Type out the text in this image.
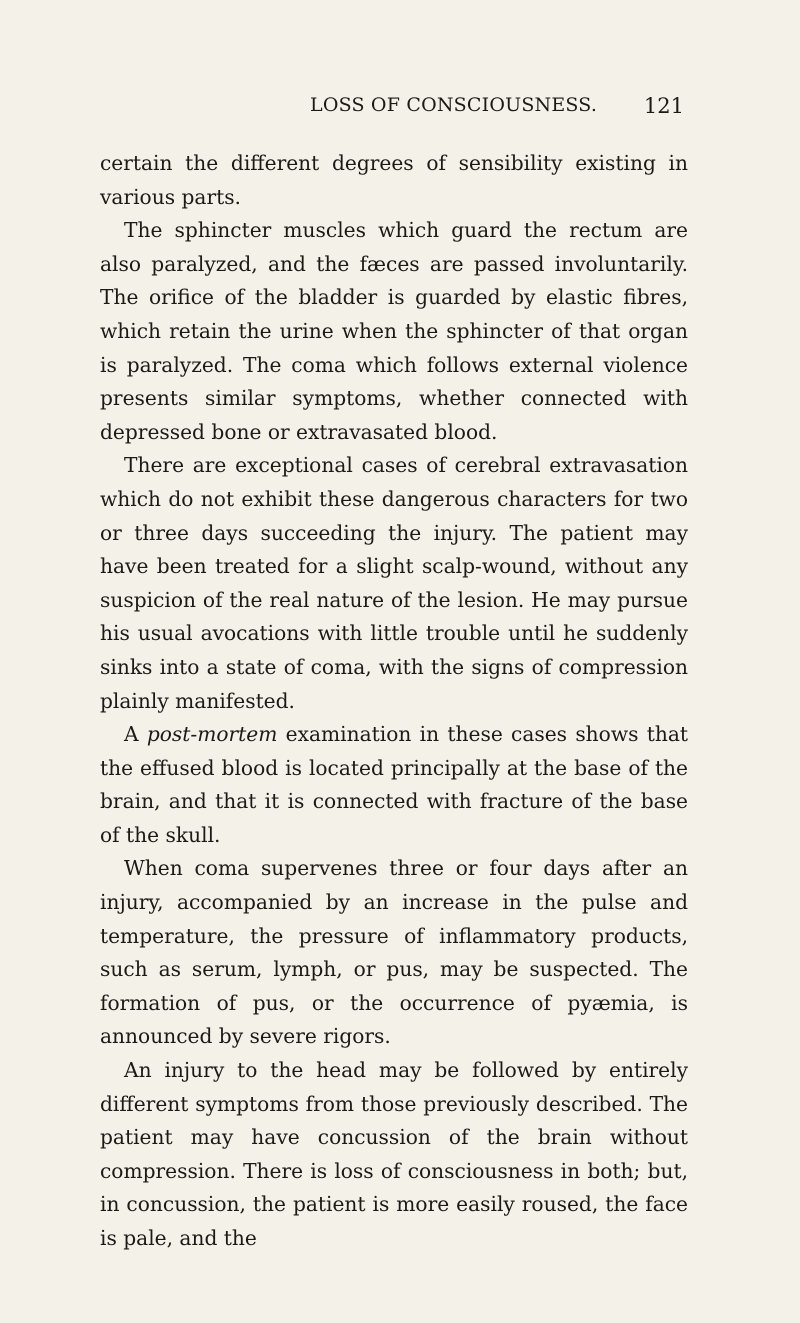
LOSS OF CONSCIOUSNESS. 121

certain the different degrees of sensibility existing in various parts.

The sphincter muscles which guard the rectum are also paralyzed, and the fæces are passed involuntarily. The orifice of the bladder is guarded by elastic fibres, which retain the urine when the sphincter of that organ is paralyzed. The coma which follows external violence presents similar symptoms, whether connected with depressed bone or extravasated blood.

There are exceptional cases of cerebral extravasation which do not exhibit these dangerous characters for two or three days succeeding the injury. The patient may have been treated for a slight scalp-wound, without any suspicion of the real nature of the lesion. He may pursue his usual avocations with little trouble until he suddenly sinks into a state of coma, with the signs of compression plainly manifested.

A post-mortem examination in these cases shows that the effused blood is located principally at the base of the brain, and that it is connected with fracture of the base of the skull.

When coma supervenes three or four days after an injury, accompanied by an increase in the pulse and temperature, the pressure of inflammatory products, such as serum, lymph, or pus, may be suspected. The formation of pus, or the occurrence of pyæmia, is announced by severe rigors.

An injury to the head may be followed by entirely different symptoms from those previously described. The patient may have concussion of the brain without compression. There is loss of consciousness in both; but, in concussion, the patient is more easily roused, the face is pale, and the
